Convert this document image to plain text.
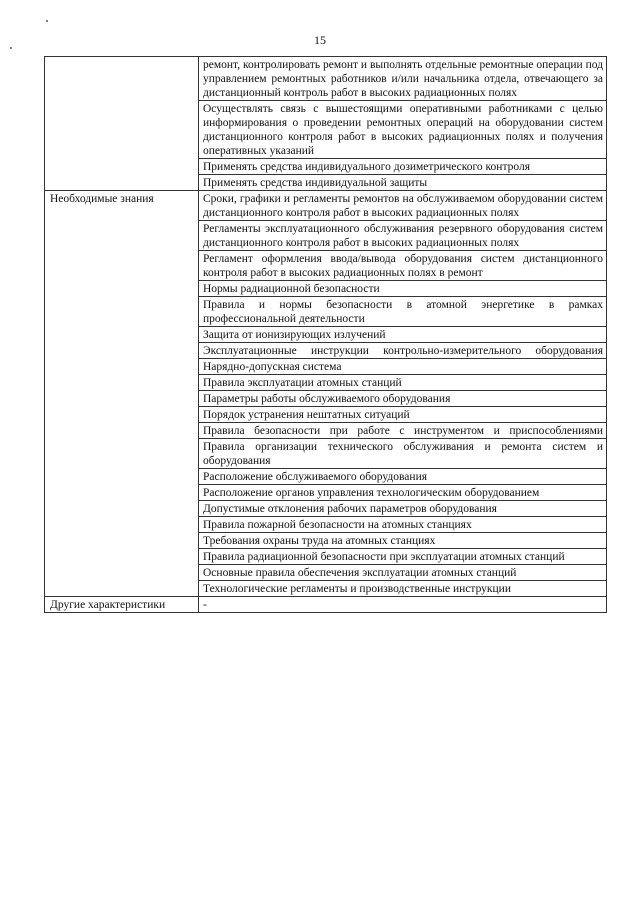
15
	ремонт, контролировать ремонт и выполнять отдельные ремонтные операции под управлением ремонтных работников и/или начальника отдела, отвечающего за дистанционный контроль работ в высоких радиационных полях
	Осуществлять связь с вышестоящими оперативными работниками с целью информирования о проведении ремонтных операций на оборудовании систем дистанционного контроля работ в высоких радиационных полях и получения оперативных указаний
	Применять средства индивидуального дозиметрического контроля
	Применять средства индивидуальной защиты
Необходимые знания	Сроки, графики и регламенты ремонтов на обслуживаемом оборудовании систем дистанционного контроля работ в высоких радиационных полях
	Регламенты эксплуатационного обслуживания резервного оборудования систем дистанционного контроля работ в высоких радиационных полях
	Регламент оформления ввода/вывода оборудования систем дистанционного контроля работ в высоких радиационных полях в ремонт
	Нормы радиационной безопасности
	Правила и нормы безопасности в атомной энергетике в рамках профессиональной деятельности
	Защита от ионизирующих излучений
	Эксплуатационные инструкции контрольно-измерительного оборудования
	Нарядно-допускная система
	Правила эксплуатации атомных станций
	Параметры работы обслуживаемого оборудования
	Порядок устранения нештатных ситуаций
	Правила безопасности при работе с инструментом и приспособлениями
	Правила организации технического обслуживания и ремонта систем и оборудования
	Расположение обслуживаемого оборудования
	Расположение органов управления технологическим оборудованием
	Допустимые отклонения рабочих параметров оборудования
	Правила пожарной безопасности на атомных станциях
	Требования охраны труда на атомных станциях
	Правила радиационной безопасности при эксплуатации атомных станций
	Основные правила обеспечения эксплуатации атомных станций
	Технологические регламенты и производственные инструкции
Другие характеристики	-
